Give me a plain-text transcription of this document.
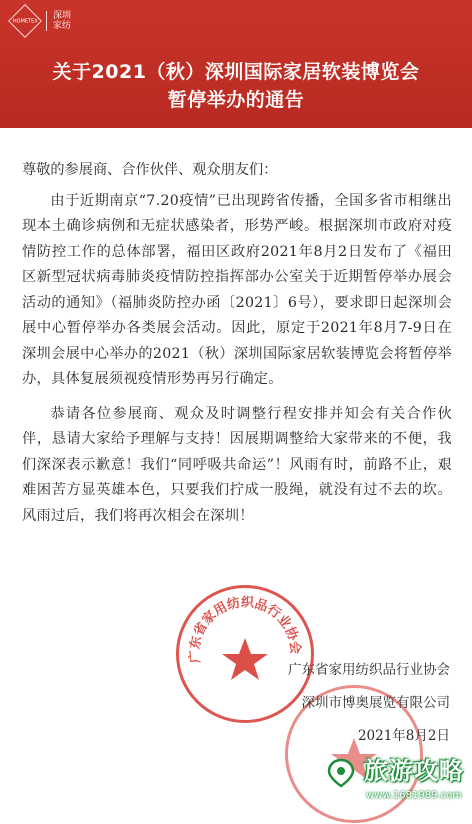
HOMETEX 深圳家纺
关于2021（秋）深圳国际家居软装博览会
暂停举办的通告

尊敬的参展商、合作伙伴、观众朋友们：

由于近期南京“7.20疫情”已出现跨省传播，全国多省市相继出现本土确诊病例和无症状感染者，形势严峻。根据深圳市政府对疫情防控工作的总体部署，福田区政府2021年8月2日发布了《福田区新型冠状病毒肺炎疫情防控指挥部办公室关于近期暂停举办展会活动的通知》（福肺炎防控办函〔2021〕6号），要求即日起深圳会展中心暂停举办各类展会活动。因此，原定于2021年8月7-9日在深圳会展中心举办的2021（秋）深圳国际家居软装博览会将暂停举办，具体复展须视疫情形势再另行确定。

恭请各位参展商、观众及时调整行程安排并知会有关合作伙伴，恳请大家给予理解与支持！因展期调整给大家带来的不便，我们深深表示歉意！我们“同呼吸共命运”！风雨有时，前路不止，艰难困苦方显英雄本色，只要我们拧成一股绳，就没有过不去的坎。风雨过后，我们将再次相会在深圳！

广东省家用纺织品行业协会
广东省家用纺织品行业协会
深圳市博奥展览有限公司
2021年8月2日
旅游攻略
www.1681989.com
